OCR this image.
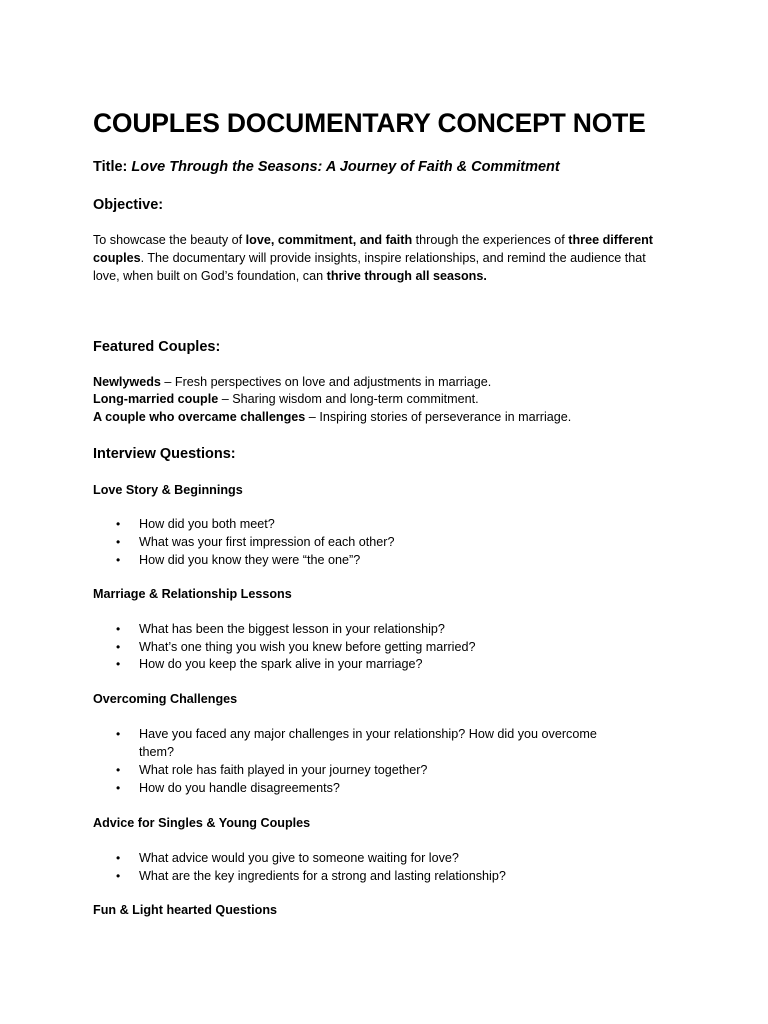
COUPLES DOCUMENTARY CONCEPT NOTE
Title: Love Through the Seasons: A Journey of Faith & Commitment
Objective:
To showcase the beauty of love, commitment, and faith through the experiences of three different couples. The documentary will provide insights, inspire relationships, and remind the audience that love, when built on God’s foundation, can thrive through all seasons.
Featured Couples:
Newlyweds – Fresh perspectives on love and adjustments in marriage.
Long-married couple – Sharing wisdom and long-term commitment.
A couple who overcame challenges – Inspiring stories of perseverance in marriage.
Interview Questions:
Love Story & Beginnings
• How did you both meet?
• What was your first impression of each other?
• How did you know they were “the one”?
Marriage & Relationship Lessons
• What has been the biggest lesson in your relationship?
• What’s one thing you wish you knew before getting married?
• How do you keep the spark alive in your marriage?
Overcoming Challenges
• Have you faced any major challenges in your relationship? How did you overcome
them?
• What role has faith played in your journey together?
• How do you handle disagreements?
Advice for Singles & Young Couples
• What advice would you give to someone waiting for love?
• What are the key ingredients for a strong and lasting relationship?
Fun & Light hearted Questions
